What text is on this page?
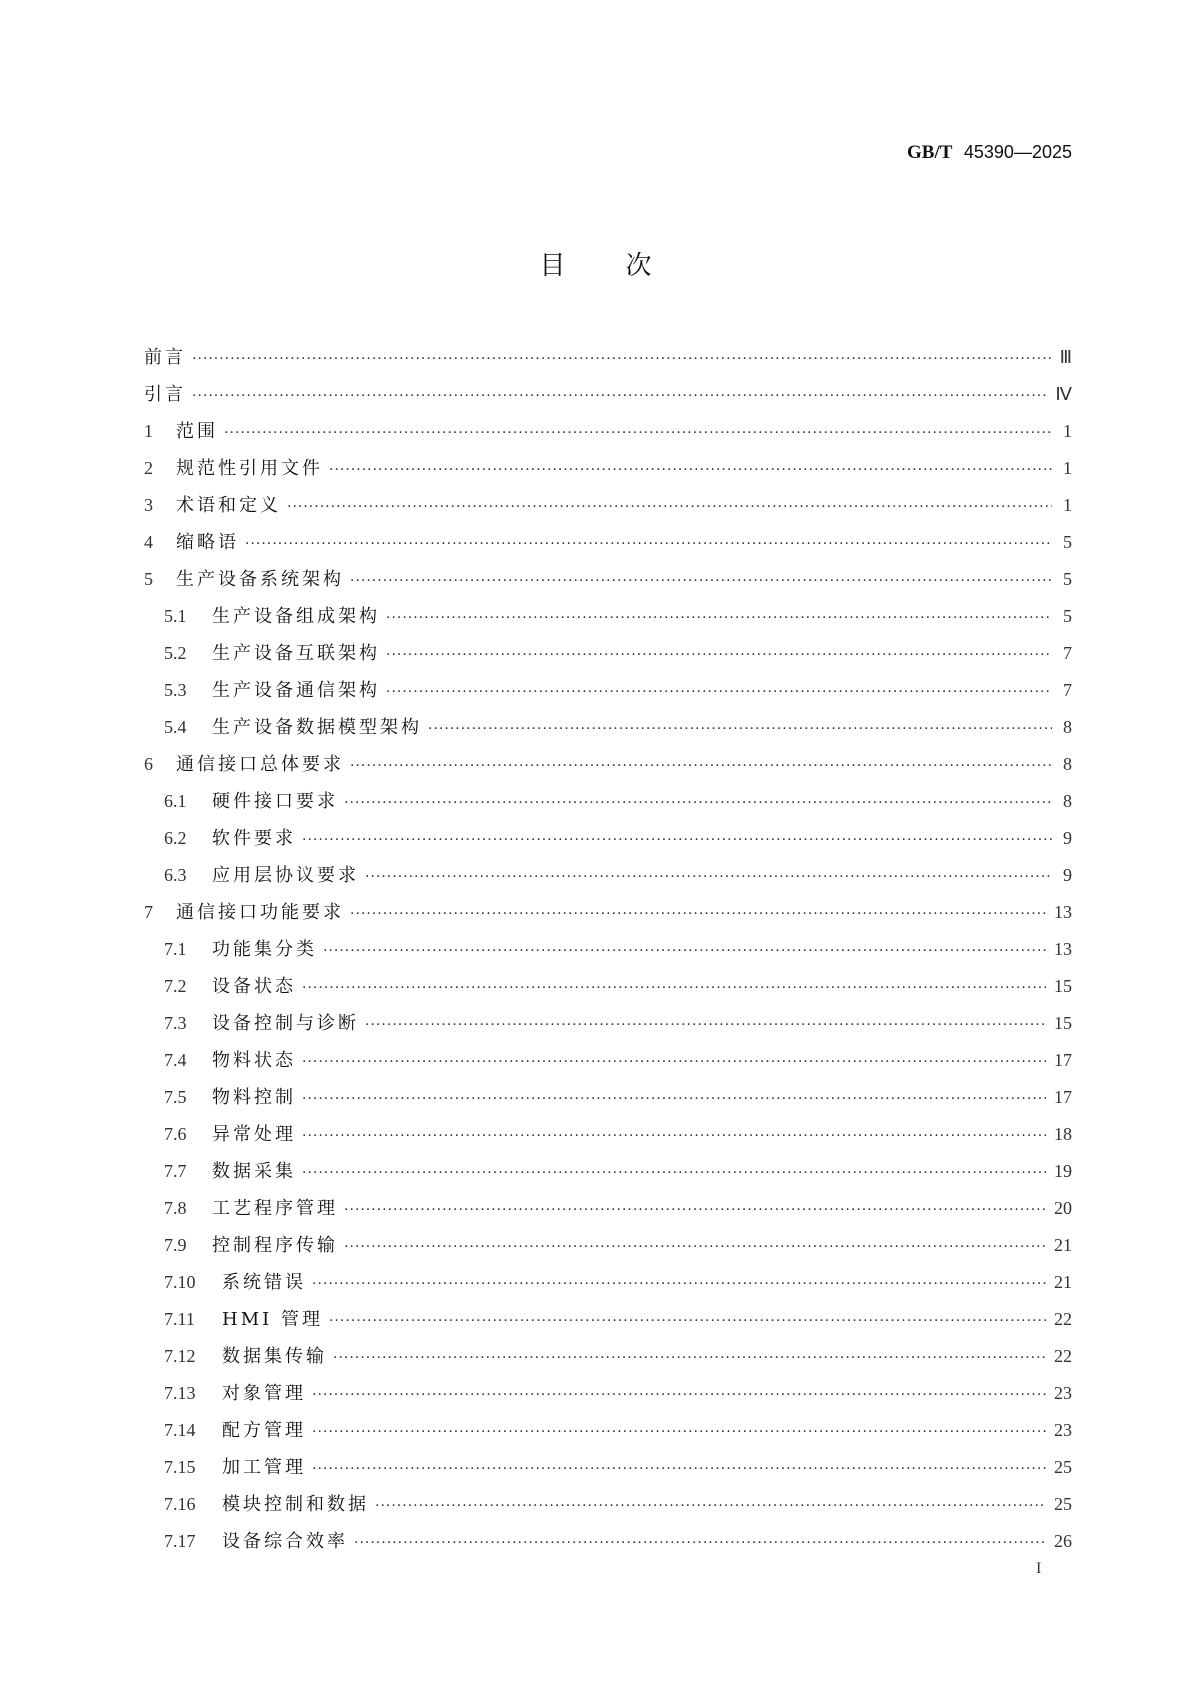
GB/T 45390—2025
目次
前言 ·····	Ⅲ
引言 ·····	Ⅳ
1	范围 ·····	1
2	规范性引用文件 ·····	1
3	术语和定义 ·····	1
4	缩略语 ·····	5
5	生产设备系统架构 ·····	5
5.1	生产设备组成架构 ·····	5
5.2	生产设备互联架构 ·····	7
5.3	生产设备通信架构 ·····	7
5.4	生产设备数据模型架构 ·····	8
6	通信接口总体要求 ·····	8
6.1	硬件接口要求 ·····	8
6.2	软件要求 ·····	9
6.3	应用层协议要求 ·····	9
7	通信接口功能要求 ·····	13
7.1	功能集分类 ·····	13
7.2	设备状态 ·····	15
7.3	设备控制与诊断 ·····	15
7.4	物料状态 ·····	17
7.5	物料控制 ·····	17
7.6	异常处理 ·····	18
7.7	数据采集 ·····	19
7.8	工艺程序管理 ·····	20
7.9	控制程序传输 ·····	21
7.10	系统错误 ·····	21
7.11	HMI 管理 ·····	22
7.12	数据集传输 ·····	22
7.13	对象管理 ·····	23
7.14	配方管理 ·····	23
7.15	加工管理 ·····	25
7.16	模块控制和数据 ·····	25
7.17	设备综合效率 ·····	26
I
